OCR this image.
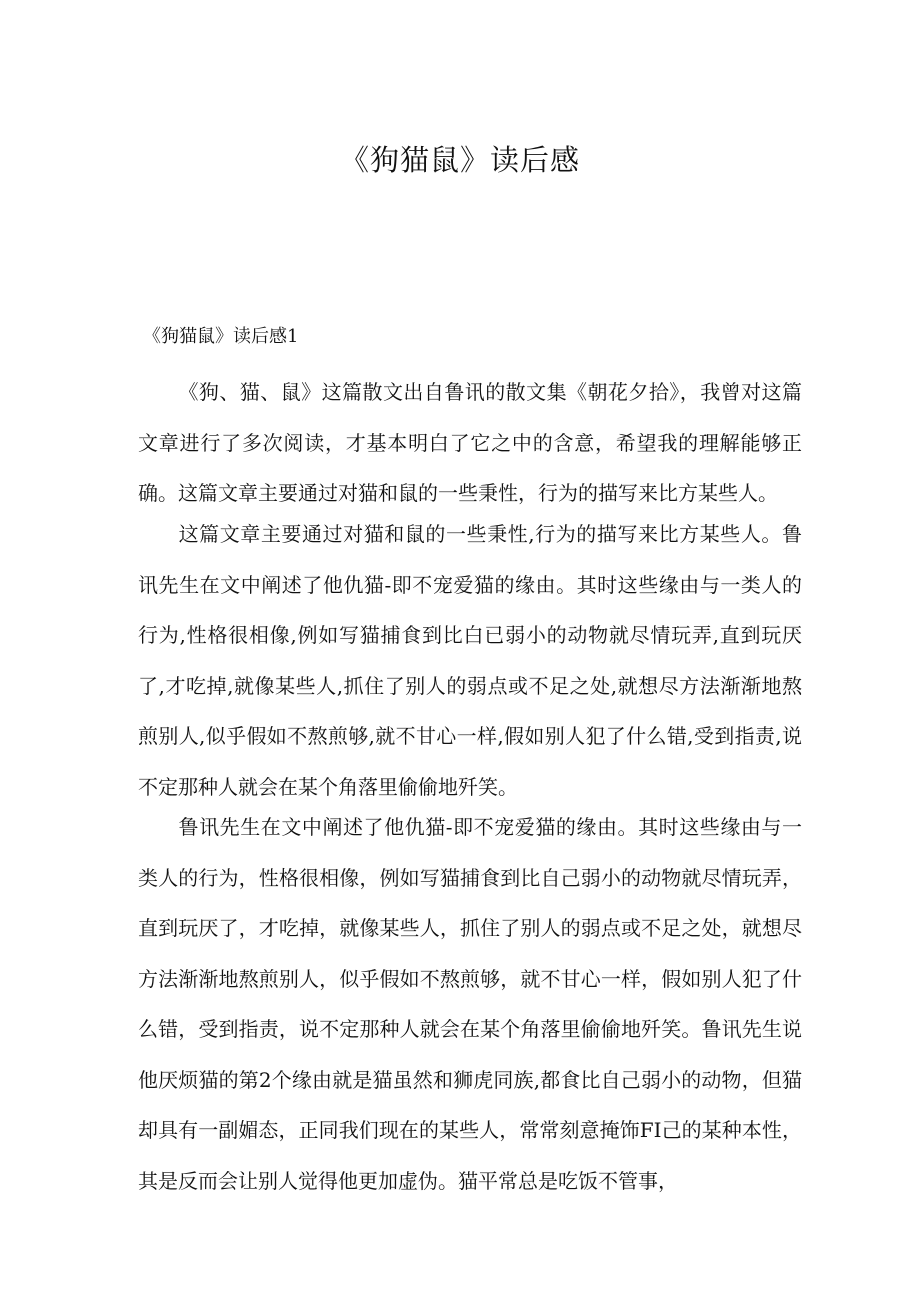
《狗猫鼠》读后感
《狗猫鼠》读后感1

《狗、猫、鼠》这篇散文出自鲁讯的散文集《朝花夕拾》，我曾对这篇文章进行了多次阅读，才基本明白了它之中的含意，希望我的理解能够正确。这篇文章主要通过对猫和鼠的一些秉性，行为的描写来比方某些人。

这篇文章主要通过对猫和鼠的一些秉性,行为的描写来比方某些人。鲁讯先生在文中阐述了他仇猫-即不宠爱猫的缘由。其时这些缘由与一类人的行为,性格很相像,例如写猫捕食到比白已弱小的动物就尽情玩弄,直到玩厌了,才吃掉,就像某些人,抓住了别人的弱点或不足之处,就想尽方法渐渐地熬煎别人,似乎假如不熬煎够,就不甘心一样,假如别人犯了什么错,受到指责,说不定那种人就会在某个角落里偷偷地歼笑。

鲁讯先生在文中阐述了他仇猫-即不宠爱猫的缘由。其时这些缘由与一类人的行为，性格很相像，例如写猫捕食到比自己弱小的动物就尽情玩弄，直到玩厌了，才吃掉，就像某些人，抓住了别人的弱点或不足之处，就想尽方法渐渐地熬煎别人，似乎假如不熬煎够，就不甘心一样，假如别人犯了什么错，受到指责，说不定那种人就会在某个角落里偷偷地歼笑。鲁讯先生说他厌烦猫的第2个缘由就是猫虽然和狮虎同族,都食比自己弱小的动物，但猫却具有一副媚态，正同我们现在的某些人，常常刻意掩饰FI己的某种本性，其是反而会让别人觉得他更加虚伪。猫平常总是吃饭不管事，
